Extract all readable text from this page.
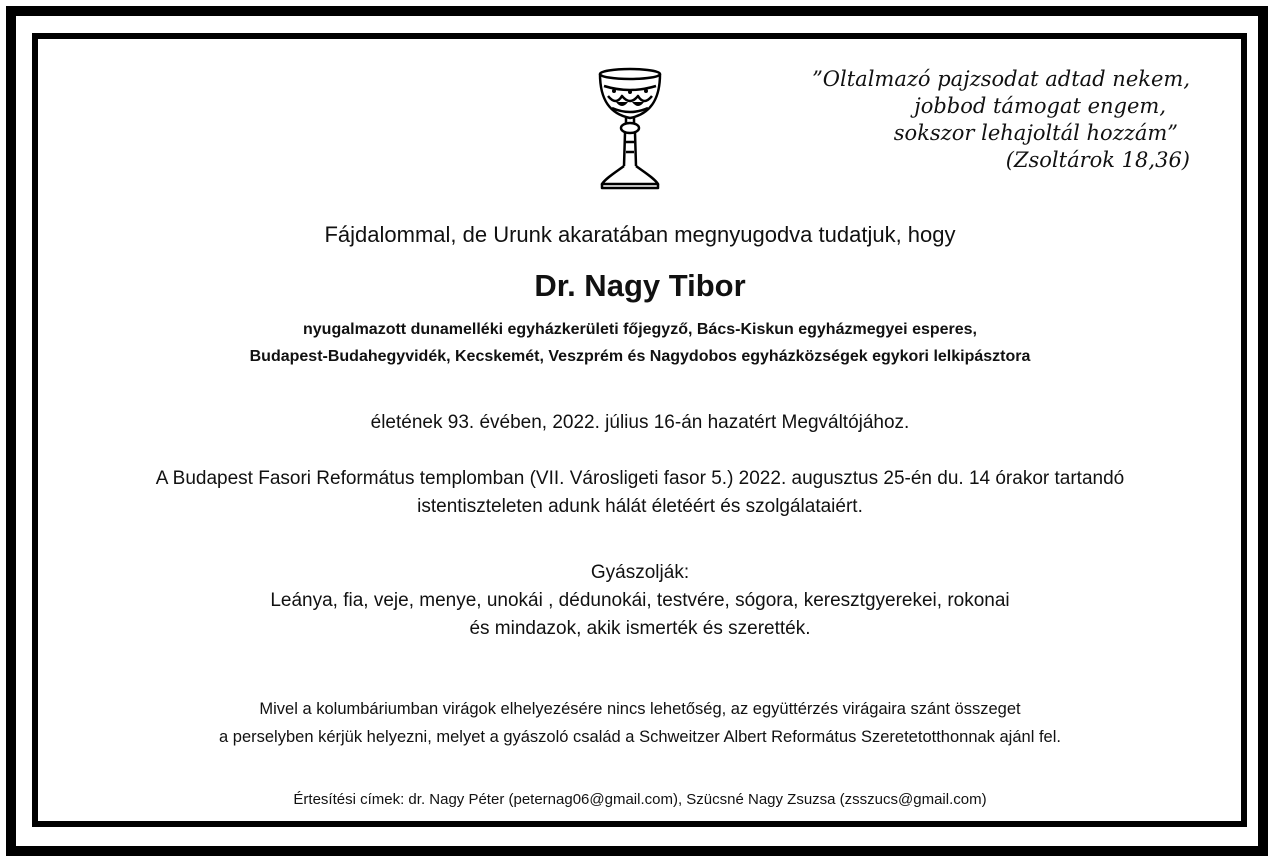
”Oltalmazó pajzsodat adtad nekem,
jobbod támogat engem,
sokszor lehajoltál hozzám”
(Zsoltárok 18,36)
Fájdalommal, de Urunk akaratában megnyugodva tudatjuk, hogy
Dr. Nagy Tibor
nyugalmazott dunamelléki egyházkerületi főjegyző, Bács-Kiskun egyházmegyei esperes,
Budapest-Budahegyvidék, Kecskemét, Veszprém és Nagydobos egyházközségek egykori lelkipásztora
életének 93. évében, 2022. július 16-án hazatért Megváltójához.
A Budapest Fasori Református templomban (VII. Városligeti fasor 5.) 2022. augusztus 25-én du. 14 órakor tartandó
istentiszteleten adunk hálát életéért és szolgálataiért.
Gyászolják:
Leánya, fia, veje, menye, unokái , dédunokái, testvére, sógora, keresztgyerekei, rokonai
és mindazok, akik ismerték és szerették.
Mivel a kolumbáriumban virágok elhelyezésére nincs lehetőség, az együttérzés virágaira szánt összeget
a perselyben kérjük helyezni, melyet a gyászoló család a Schweitzer Albert Református Szeretetotthonnak ajánl fel.
Értesítési címek: dr. Nagy Péter (peternag06@gmail.com), Szücsné Nagy Zsuzsa (zsszucs@gmail.com)
